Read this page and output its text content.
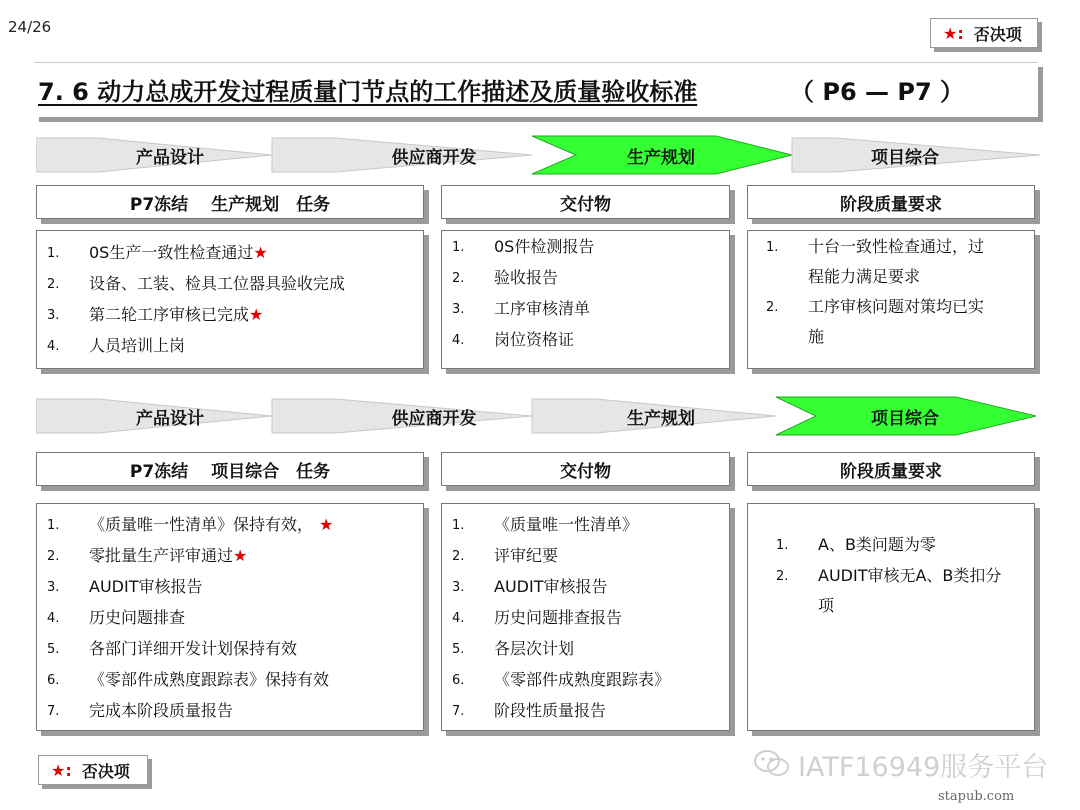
24/26	★: 否决项
7. 6 动力总成开发过程质量门节点的工作描述及质量验收标准	（ P6 — P7 ）
产品设计	供应商开发	生产规划	项目综合
P7冻结　 生产规划　任务	交付物	阶段质量要求
1.	0S生产一致性检查通过 ★
2.	设备、工装、检具工位器具验收完成
3.	第二轮工序审核已完成 ★
4.	人员培训上岗
1.	0S件检测报告
2.	验收报告
3.	工序审核清单
4.	岗位资格证
1.	十台一致性检查通过，过
程能力满足要求
2.	工序审核问题对策均已实
施
产品设计	供应商开发	生产规划	项目综合
P7冻结　 项目综合　任务	交付物	阶段质量要求
1.	《质量唯一性清单》保持有效， ★
2.	零批量生产评审通过 ★
3.	AUDIT审核报告
4.	历史问题排查
5.	各部门详细开发计划保持有效
6.	《零部件成熟度跟踪表》保持有效
7.	完成本阶段质量报告
1.	《质量唯一性清单》
2.	评审纪要
3.	AUDIT审核报告
4.	历史问题排查报告
5.	各层次计划
6.	《零部件成熟度跟踪表》
7.	阶段性质量报告
1.	A、B类问题为零
2.	AUDIT审核无A、B类扣分
项
★: 否决项	IATF16949服务平台
stapub.com
